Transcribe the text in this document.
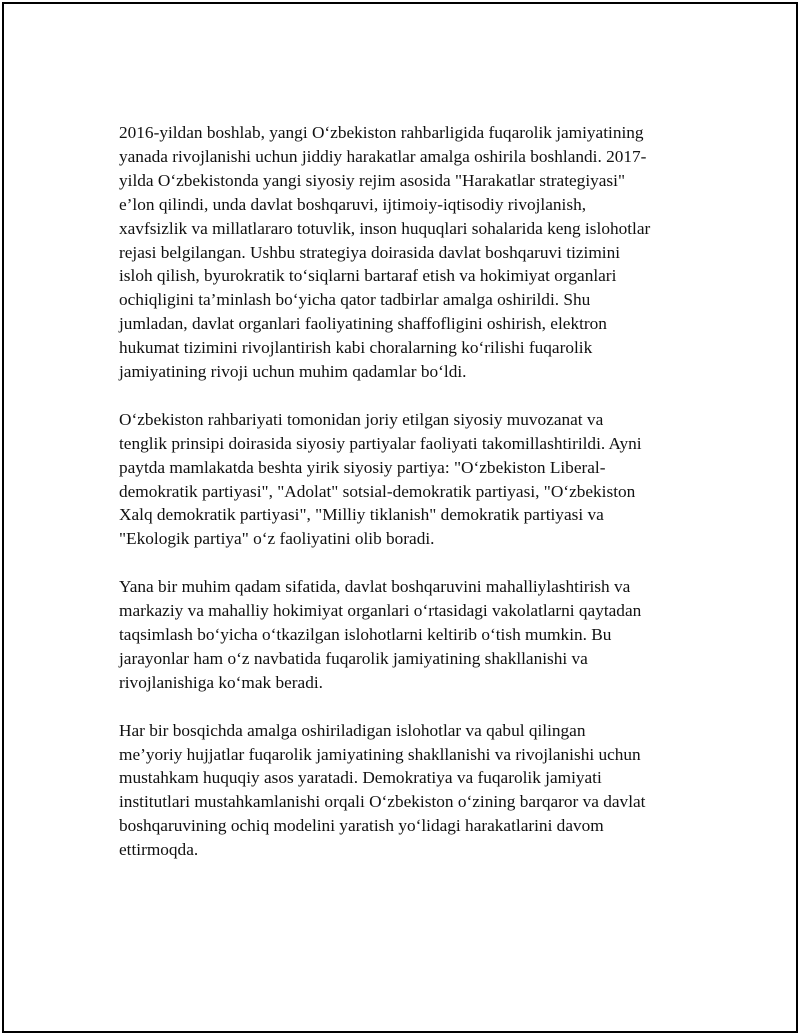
2016-yildan boshlab, yangi O‘zbekiston rahbarligida fuqarolik jamiyatining
yanada rivojlanishi uchun jiddiy harakatlar amalga oshirila boshlandi. 2017-
yilda O‘zbekistonda yangi siyosiy rejim asosida "Harakatlar strategiyasi"
e’lon qilindi, unda davlat boshqaruvi, ijtimoiy-iqtisodiy rivojlanish,
xavfsizlik va millatlararo totuvlik, inson huquqlari sohalarida keng islohotlar
rejasi belgilangan. Ushbu strategiya doirasida davlat boshqaruvi tizimini
isloh qilish, byurokratik to‘siqlarni bartaraf etish va hokimiyat organlari
ochiqligini ta’minlash bo‘yicha qator tadbirlar amalga oshirildi. Shu
jumladan, davlat organlari faoliyatining shaffofligini oshirish, elektron
hukumat tizimini rivojlantirish kabi choralarning ko‘rilishi fuqarolik
jamiyatining rivoji uchun muhim qadamlar bo‘ldi.

O‘zbekiston rahbariyati tomonidan joriy etilgan siyosiy muvozanat va
tenglik prinsipi doirasida siyosiy partiyalar faoliyati takomillashtirildi. Ayni
paytda mamlakatda beshta yirik siyosiy partiya: "O‘zbekiston Liberal-
demokratik partiyasi", "Adolat" sotsial-demokratik partiyasi, "O‘zbekiston
Xalq demokratik partiyasi", "Milliy tiklanish" demokratik partiyasi va
"Ekologik partiya" o‘z faoliyatini olib boradi.

Yana bir muhim qadam sifatida, davlat boshqaruvini mahalliylashtirish va
markaziy va mahalliy hokimiyat organlari o‘rtasidagi vakolatlarni qaytadan
taqsimlash bo‘yicha o‘tkazilgan islohotlarni keltirib o‘tish mumkin. Bu
jarayonlar ham o‘z navbatida fuqarolik jamiyatining shakllanishi va
rivojlanishiga ko‘mak beradi.

Har bir bosqichda amalga oshiriladigan islohotlar va qabul qilingan
me’yoriy hujjatlar fuqarolik jamiyatining shakllanishi va rivojlanishi uchun
mustahkam huquqiy asos yaratadi. Demokratiya va fuqarolik jamiyati
institutlari mustahkamlanishi orqali O‘zbekiston o‘zining barqaror va davlat
boshqaruvining ochiq modelini yaratish yo‘lidagi harakatlarini davom
ettirmoqda.
